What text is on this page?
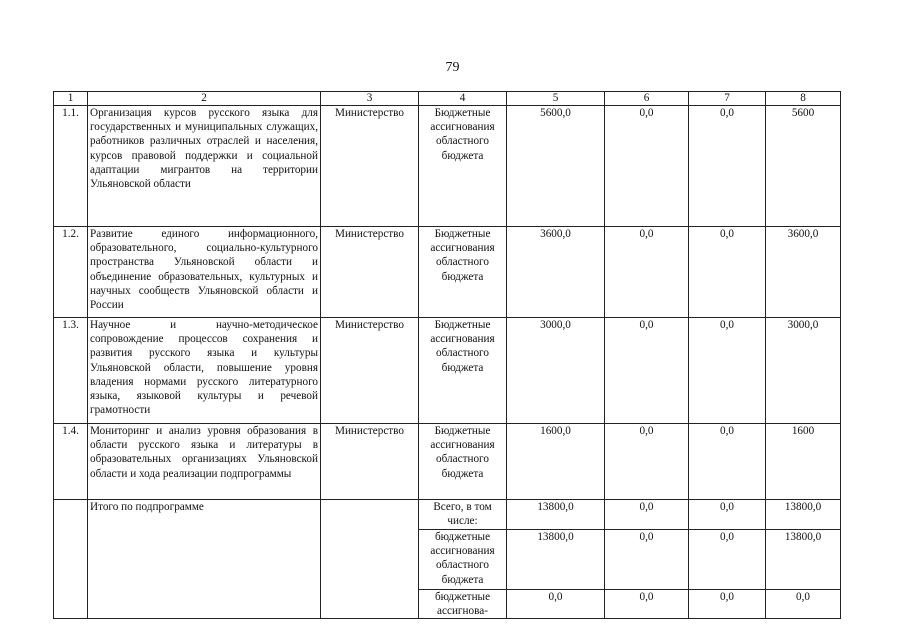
79
1	2	3	4	5	6	7	8
1.1.	Организация курсов русского языка для государственных и муниципальных служащих, работников различных отраслей и населения, курсов правовой поддержки и социальной адаптации мигрантов на территории Ульяновской области	Министерство	Бюджетные ассигнования областного бюджета	5600,0	0,0	0,0	5600
1.2.	Развитие единого информационного, образовательного, социально-культурного пространства Ульяновской области и объединение образовательных, культурных и научных сообществ Ульяновской области и России	Министерство	Бюджетные ассигнования областного бюджета	3600,0	0,0	0,0	3600,0
1.3.	Научное и научно-методическое сопровождение процессов сохранения и развития русского языка и культуры Ульяновской области, повышение уровня владения нормами русского литературного языка, языковой культуры и речевой грамотности	Министерство	Бюджетные ассигнования областного бюджета	3000,0	0,0	0,0	3000,0
1.4.	Мониторинг и анализ уровня образования в области русского языка и литературы в образовательных организациях Ульяновской области и хода реализации подпрограммы	Министерство	Бюджетные ассигнования областного бюджета	1600,0	0,0	0,0	1600
	Итого по подпрограмме		Всего, в том числе:	13800,0	0,0	0,0	13800,0
			бюджетные ассигнования областного бюджета	13800,0	0,0	0,0	13800,0
			бюджетные ассигнова-	0,0	0,0	0,0	0,0
